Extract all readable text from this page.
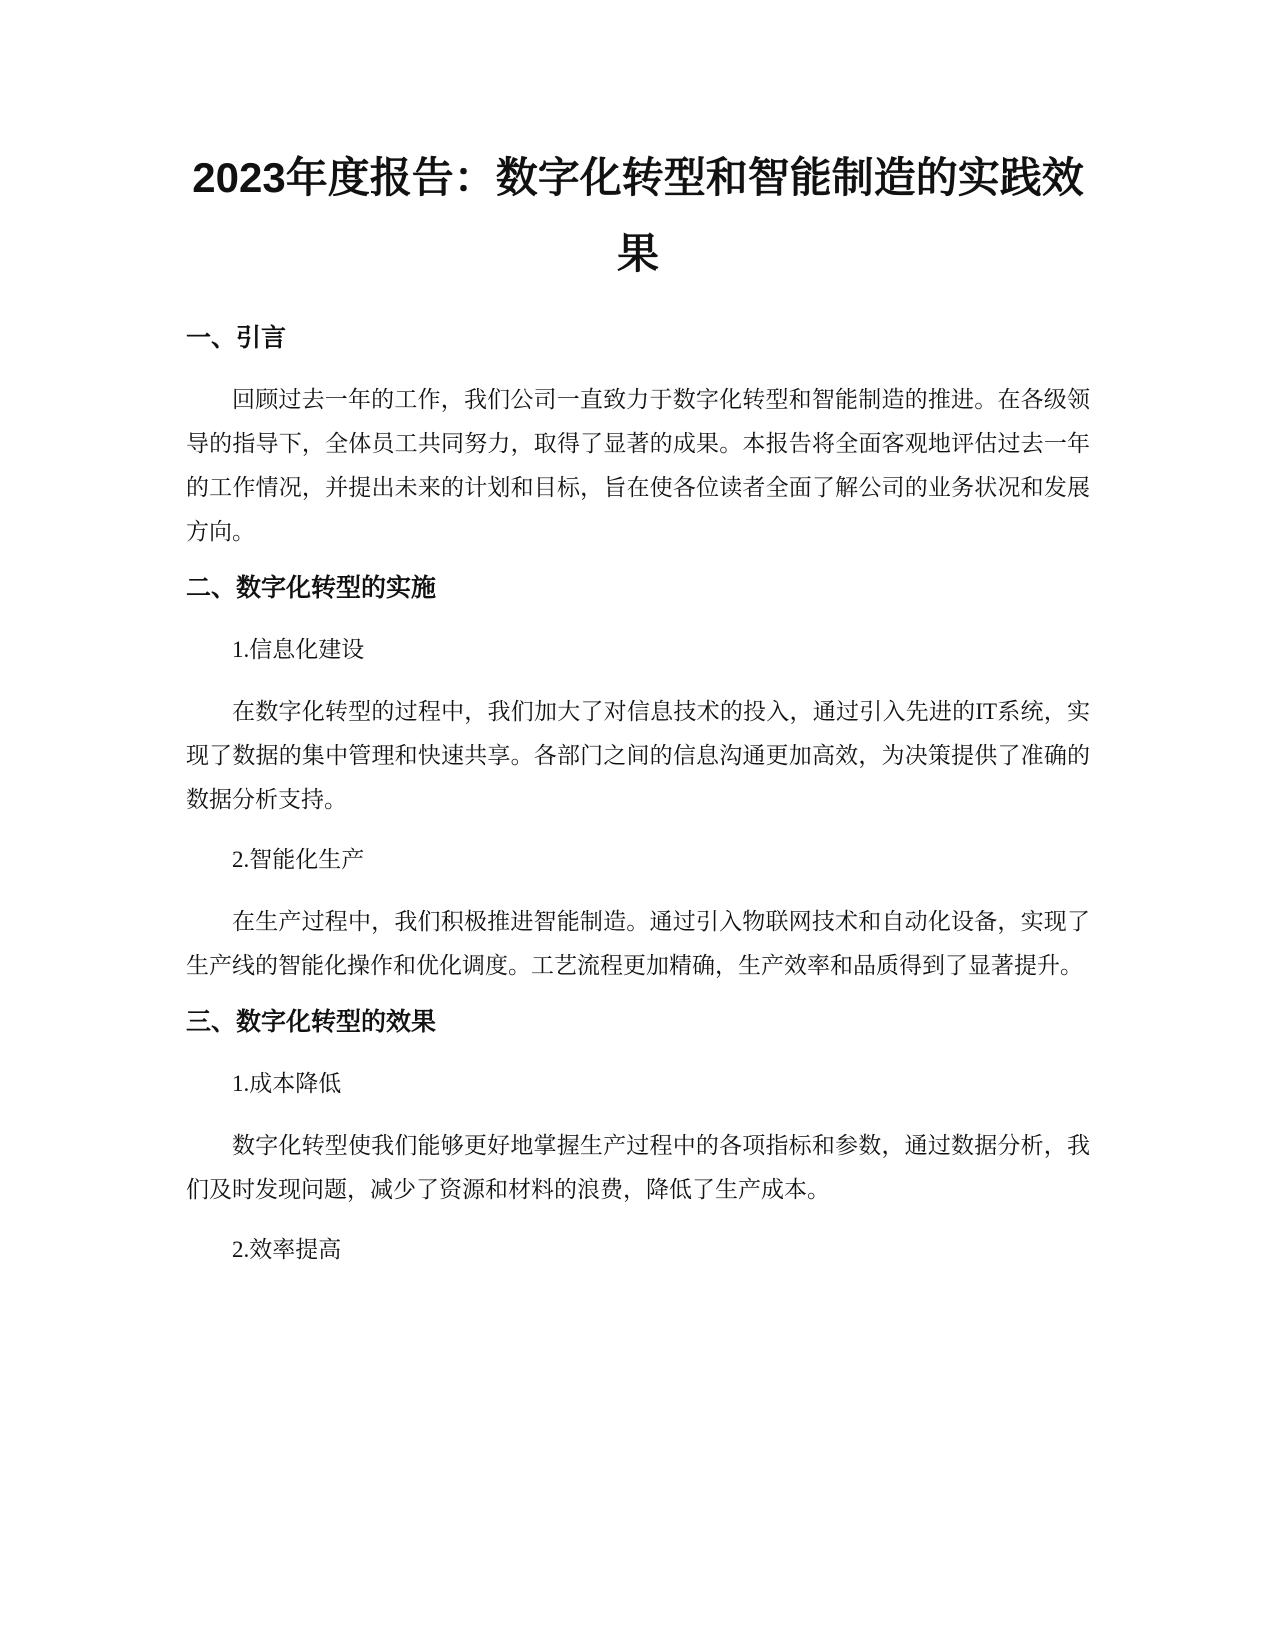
2023年度报告：数字化转型和智能制造的实践效果
一、引言

回顾过去一年的工作，我们公司一直致力于数字化转型和智能制造的推进。在各级领导的指导下，全体员工共同努力，取得了显著的成果。本报告将全面客观地评估过去一年的工作情况，并提出未来的计划和目标，旨在使各位读者全面了解公司的业务状况和发展方向。

二、数字化转型的实施
1.信息化建设

在数字化转型的过程中，我们加大了对信息技术的投入，通过引入先进的IT系统，实现了数据的集中管理和快速共享。各部门之间的信息沟通更加高效，为决策提供了准确的数据分析支持。

2.智能化生产

在生产过程中，我们积极推进智能制造。通过引入物联网技术和自动化设备，实现了生产线的智能化操作和优化调度。工艺流程更加精确，生产效率和品质得到了显著提升。

三、数字化转型的效果
1.成本降低

数字化转型使我们能够更好地掌握生产过程中的各项指标和参数，通过数据分析，我们及时发现问题，减少了资源和材料的浪费，降低了生产成本。

2.效率提高
